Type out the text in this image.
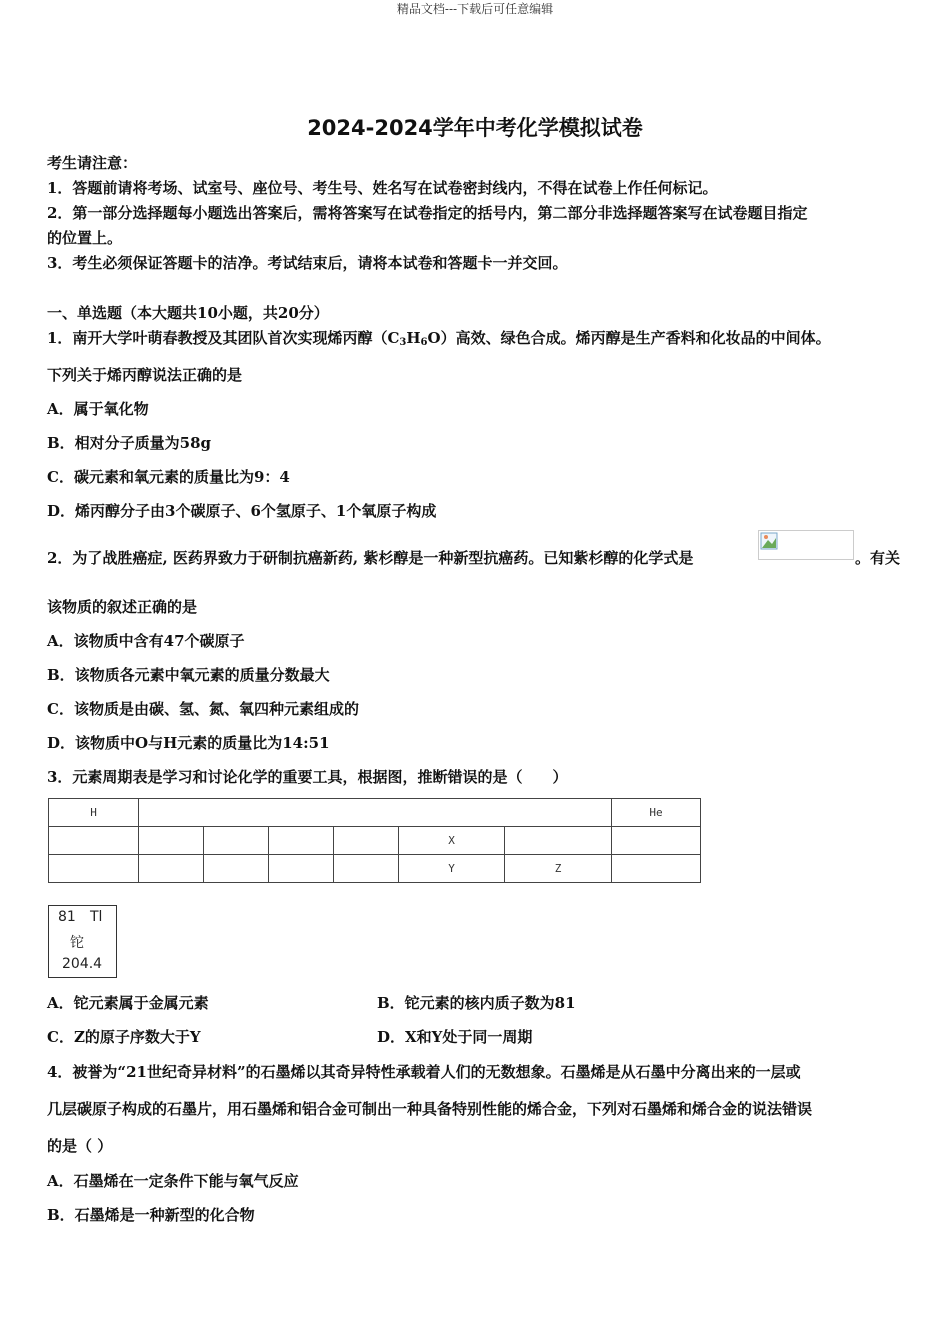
精品文档---下载后可任意编辑
2024-2024学年中考化学模拟试卷
考生请注意：
1．答题前请将考场、试室号、座位号、考生号、姓名写在试卷密封线内，不得在试卷上作任何标记。
2．第一部分选择题每小题选出答案后，需将答案写在试卷指定的括号内，第二部分非选择题答案写在试卷题目指定
的位置上。
3．考生必须保证答题卡的洁净。考试结束后，请将本试卷和答题卡一并交回。
一、单选题（本大题共10小题，共20分）
1．南开大学叶萌春教授及其团队首次实现烯丙醇$(C_3H_6O)$高效、绿色合成。烯丙醇是生产香料和化妆品的中间体。
下列关于烯丙醇说法正确的是
A．属于氧化物
B．相对分子质量为58g
C．碳元素和氧元素的质量比为9：4
D．烯丙醇分子由3个碳原子、6个氢原子、1个氧原子构成
2．为了战胜癌症, 医药界致力于研制抗癌新药, 紫杉醇是一种新型抗癌药。已知紫杉醇的化学式是	。有关
该物质的叙述正确的是
A．该物质中含有47个碳原子
B．该物质各元素中氧元素的质量分数最大
C．该物质是由碳、氢、氮、氧四种元素组成的
D．该物质中O与H元素的质量比为14:51
3．元素周期表是学习和讨论化学的重要工具，根据图，推断错误的是（　　）
H							He
					X		
					Y	Z	
81 Tl
铊
204.4
A．铊元素属于金属元素	B．铊元素的核内质子数为81
C．Z的原子序数大于Y	D．X和Y处于同一周期
4．被誉为“21世纪奇异材料”的石墨烯以其奇异特性承载着人们的无数想象。石墨烯是从石墨中分离出来的一层或
几层碳原子构成的石墨片，用石墨烯和铝合金可制出一种具备特别性能的烯合金，下列对石墨烯和烯合金的说法错误
的是（ ）
A．石墨烯在一定条件下能与氧气反应
B．石墨烯是一种新型的化合物
